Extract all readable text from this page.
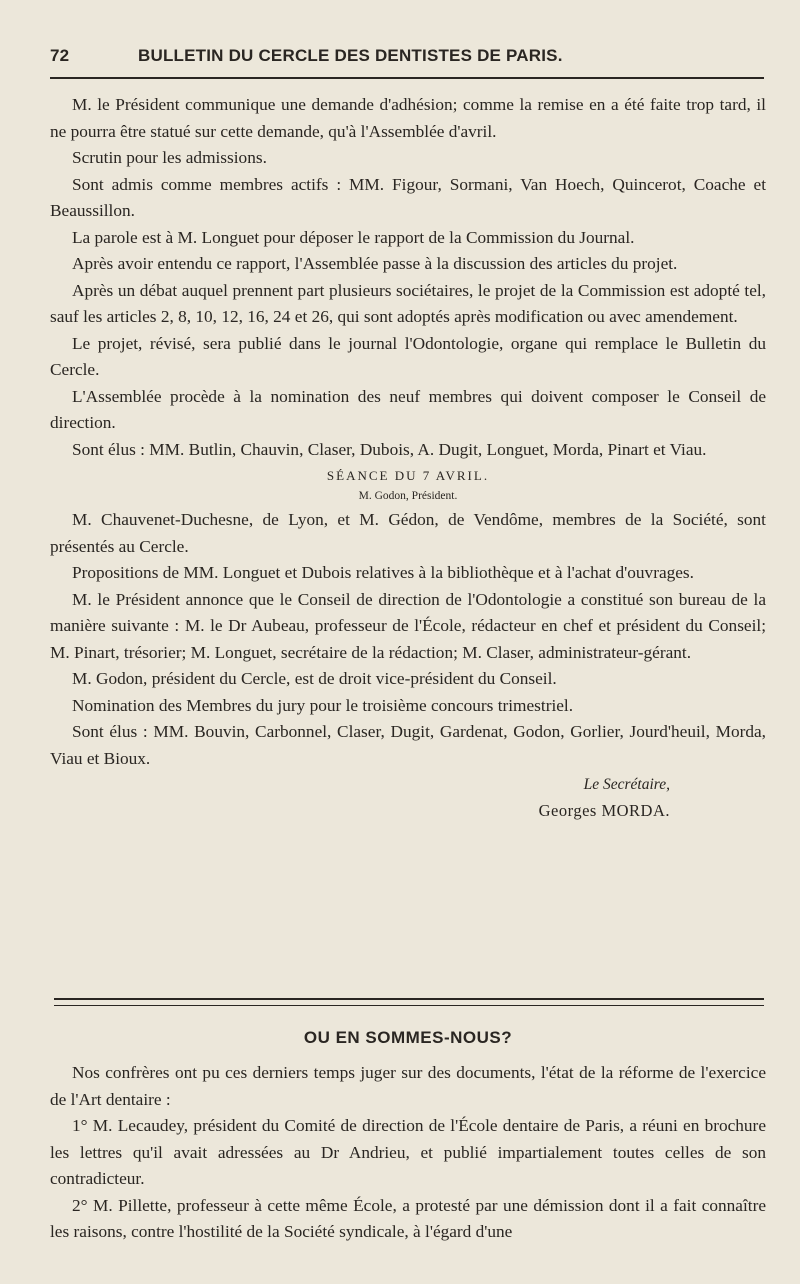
72	BULLETIN DU CERCLE DES DENTISTES DE PARIS.

M. le Président communique une demande d'adhésion; comme la remise en a été faite trop tard, il ne pourra être statué sur cette demande, qu'à l'Assemblée d'avril.

Scrutin pour les admissions.

Sont admis comme membres actifs : MM. Figour, Sormani, Van Hoech, Quincerot, Coache et Beaussillon.

La parole est à M. Longuet pour déposer le rapport de la Commission du Journal.

Après avoir entendu ce rapport, l'Assemblée passe à la discussion des articles du projet.

Après un débat auquel prennent part plusieurs sociétaires, le projet de la Commission est adopté tel, sauf les articles 2, 8, 10, 12, 16, 24 et 26, qui sont adoptés après modification ou avec amendement.

Le projet, révisé, sera publié dans le journal l'Odontologie, organe qui remplace le Bulletin du Cercle.

L'Assemblée procède à la nomination des neuf membres qui doivent composer le Conseil de direction.

Sont élus : MM. Butlin, Chauvin, Claser, Dubois, A. Dugit, Longuet, Morda, Pinart et Viau.

SÉANCE DU 7 AVRIL.
M. Godon, Président.

M. Chauvenet-Duchesne, de Lyon, et M. Gédon, de Vendôme, membres de la Société, sont présentés au Cercle.

Propositions de MM. Longuet et Dubois relatives à la bibliothèque et à l'achat d'ouvrages.

M. le Président annonce que le Conseil de direction de l'Odontologie a constitué son bureau de la manière suivante : M. le Dr Aubeau, professeur de l'École, rédacteur en chef et président du Conseil; M. Pinart, trésorier; M. Longuet, secrétaire de la rédaction; M. Claser, administrateur-gérant.

M. Godon, président du Cercle, est de droit vice-président du Conseil.

Nomination des Membres du jury pour le troisième concours trimestriel.

Sont élus : MM. Bouvin, Carbonnel, Claser, Dugit, Gardenat, Godon, Gorlier, Jourd'heuil, Morda, Viau et Bioux.

Le Secrétaire,
Georges MORDA.
OU EN SOMMES-NOUS?

Nos confrères ont pu ces derniers temps juger sur des documents, l'état de la réforme de l'exercice de l'Art dentaire :

1° M. Lecaudey, président du Comité de direction de l'École dentaire de Paris, a réuni en brochure les lettres qu'il avait adressées au Dr Andrieu, et publié impartialement toutes celles de son contradicteur.

2° M. Pillette, professeur à cette même École, a protesté par une démission dont il a fait connaître les raisons, contre l'hostilité de la Société syndicale, à l'égard d'une
